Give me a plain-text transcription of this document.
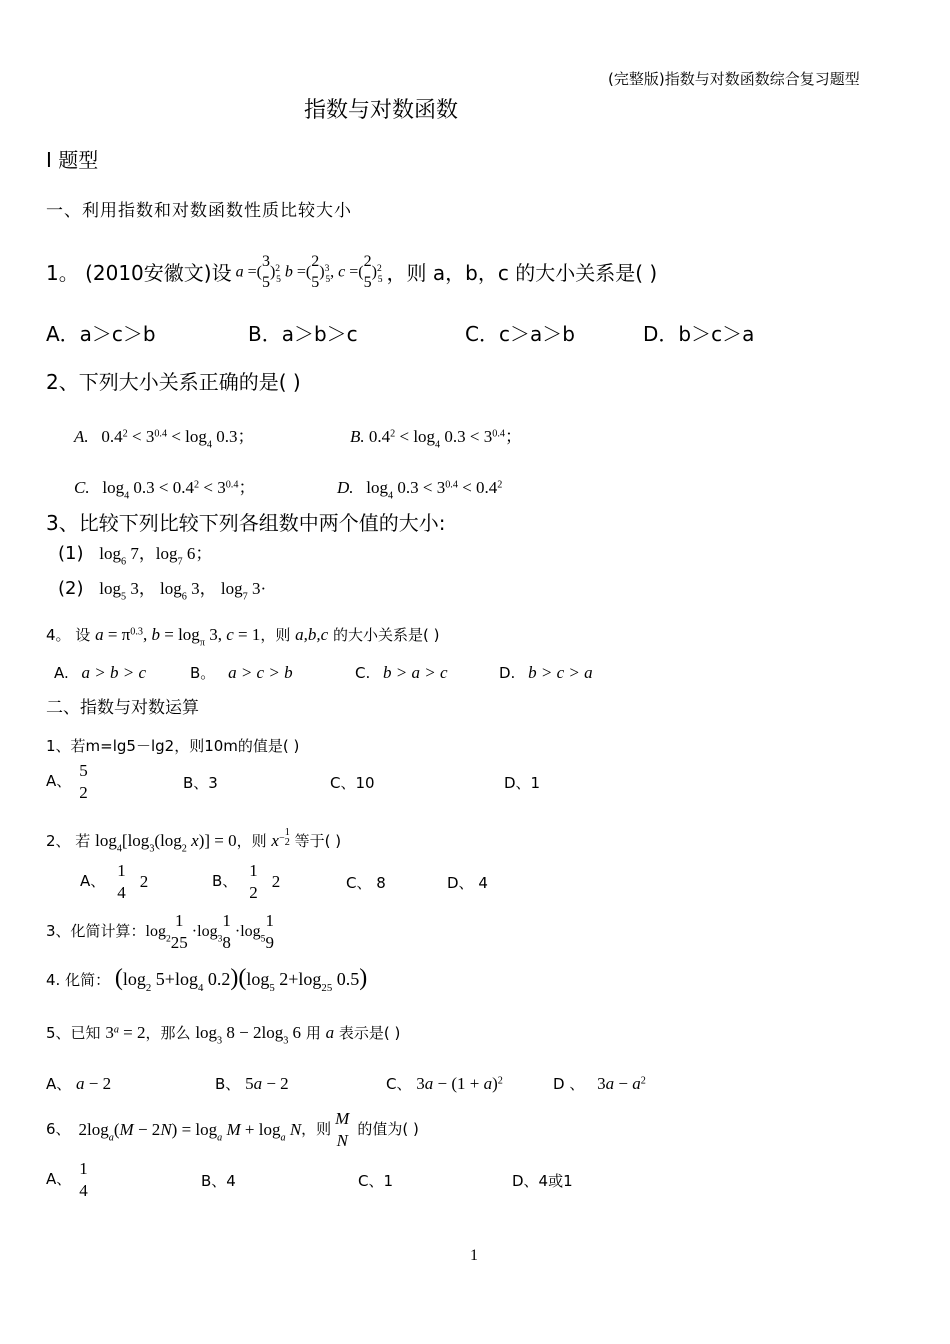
(完整版)指数与对数函数综合复习题型
指数与对数函数
Ⅰ 题型
一、利用指数和对数函数性质比较大小
1。 (2010安徽文)设 a =(
3
5
)$^2_5$ b =(
2
5
)$^3_5$, c =(
2
5
)$^2_5$ ，则 a，b，c 的大小关系是( )
A．a＞c＞b	B．a＞b＞c	C．c＞a＞b	D．b＞c＞a
2、下列大小关系正确的是( )
A.   $0.4^2 < 3^{0.4} < \log_4 0.3$；	B. $0.4^2 < \log_4 0.3 < 3^{0.4}$；
C.   $\log_4 0.3 < 0.4^2 < 3^{0.4}$；	D.   $\log_4 0.3 < 3^{0.4} < 0.4^2$
3、比较下列比较下列各组数中两个值的大小:
(1) $\log_6 7$，$\log_7 6$；
(2) $\log_5 3$， $\log_6 3$， $\log_7 3\cdot$
4。 设 $a = \pi^{0.3}$, $b = \log_\pi 3$, c = 1，则 a,b,c 的大小关系是( )
A. a > b > c	B。 a > c > b	C. b > a > c	D. b > c > a
二、指数与对数运算
1、若m=lg5－lg2，则10m的值是( )
A、
5
2	B、3	C、10	D、1
2、 若 $\log_4[\log_3(\log_2$ x)] = 0，则 $x^{- 1 2}$ 等于( )
A、
1
4
2	B、
1
2
2	C、 8	D、 4
3、化简计算： $\log_2$
1
25
$\cdot\log_3$
1
8
$\cdot\log_5$
1
9
4. 化简： ($\log_2$ $5+\log_4$ $0.2)(\log_5$ $2+\log_{25}$ 0.5)
5、已知 $3^a = 2$，那么 $\log_3 8 - 2\log_3$ 6 用 a 表示是( )
A、 a − 2	B、 5a − 2	C、 $3a - (1 + a)^2$	D 、 $3a - a^2$
6、 $2\log_a(M - 2N) = \log_a M + \log_a N$ ，则
M
N
的值为( )
A、
1
4	B、4	C、1	D、4或1
1
